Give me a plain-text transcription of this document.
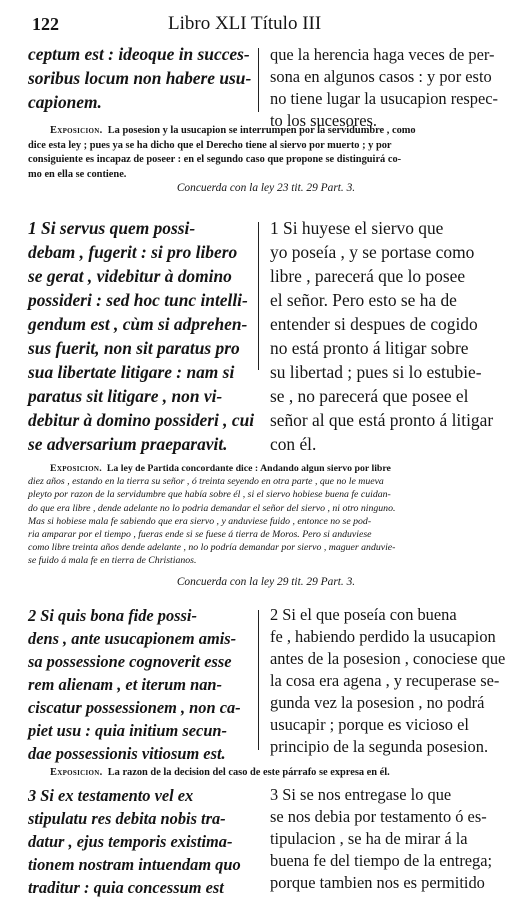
122	Libro XLI Título III
ceptum est : ideoque in succes-
soribus locum non habere usu-
capionem.
que la herencia haga veces de per-
sona en algunos casos : y por esto
no tiene lugar la usucapion respec-
to los sucesores.
Exposicion. La posesion y la usucapion se interrumpen por la servidumbre , como
dice esta ley ; pues ya se ha dicho que el Derecho tiene al siervo por muerto ; y por
consiguiente es incapaz de poseer : en el segundo caso que propone se distinguirá co-
mo en ella se contiene.
Concuerda con la ley 23 tit. 29 Part. 3.
1 Si servus quem possi-
debam , fugerit : si pro libero
se gerat , videbitur à domino
possideri : sed hoc tunc intelli-
gendum est , cùm si adprehen-
sus fuerit, non sit paratus pro
sua libertate litigare : nam si
paratus sit litigare , non vi-
debitur à domino possideri , cui
se adversarium praeparavit.
1 Si huyese el siervo que
yo poseía , y se portase como
libre , parecerá que lo posee
el señor. Pero esto se ha de
entender si despues de cogido
no está pronto á litigar sobre
su libertad ; pues si lo estubie-
se , no parecerá que posee el
señor al que está pronto á litigar
con él.
Exposicion. La ley de Partida concordante dice : Andando algun siervo por libre
diez años , estando en la tierra su señor , ó treinta seyendo en otra parte , que no le mueva
pleyto por razon de la servidumbre que había sobre él , si el siervo hobiese buena fe cuidan-
do que era libre , dende adelante no lo podria demandar el señor del siervo , ni otro ninguno.
Mas si hobiese mala fe sabiendo que era siervo , y anduviese fuido , entonce no se pod-
ria amparar por el tiempo , fueras ende si se fuese á tierra de Moros. Pero si anduviese
como libre treinta años dende adelante , no lo podría demandar por siervo , maguer anduvie-
se fuido á mala fe en tierra de Christianos.
Concuerda con la ley 29 tit. 29 Part. 3.
2 Si quis bona fide possi-
dens , ante usucapionem amis-
sa possessione cognoverit esse
rem alienam , et iterum nan-
ciscatur possessionem , non ca-
piet usu : quia initium secun-
dae possessionis vitiosum est.
2 Si el que poseía con buena
fe , habiendo perdido la usucapion
antes de la posesion , conociese que
la cosa era agena , y recuperase se-
gunda vez la posesion , no podrá
usucapir ; porque es vicioso el
principio de la segunda posesion.
Exposicion. La razon de la decision del caso de este párrafo se expresa en él.
3 Si ex testamento vel ex
stipulatu res debita nobis tra-
datur , ejus temporis existima-
tionem nostram intuendam quo
traditur : quia concessum est
3 Si se nos entregase lo que
se nos debia por testamento ó es-
tipulacion , se ha de mirar á la
buena fe del tiempo de la entrega;
porque tambien nos es permitido
